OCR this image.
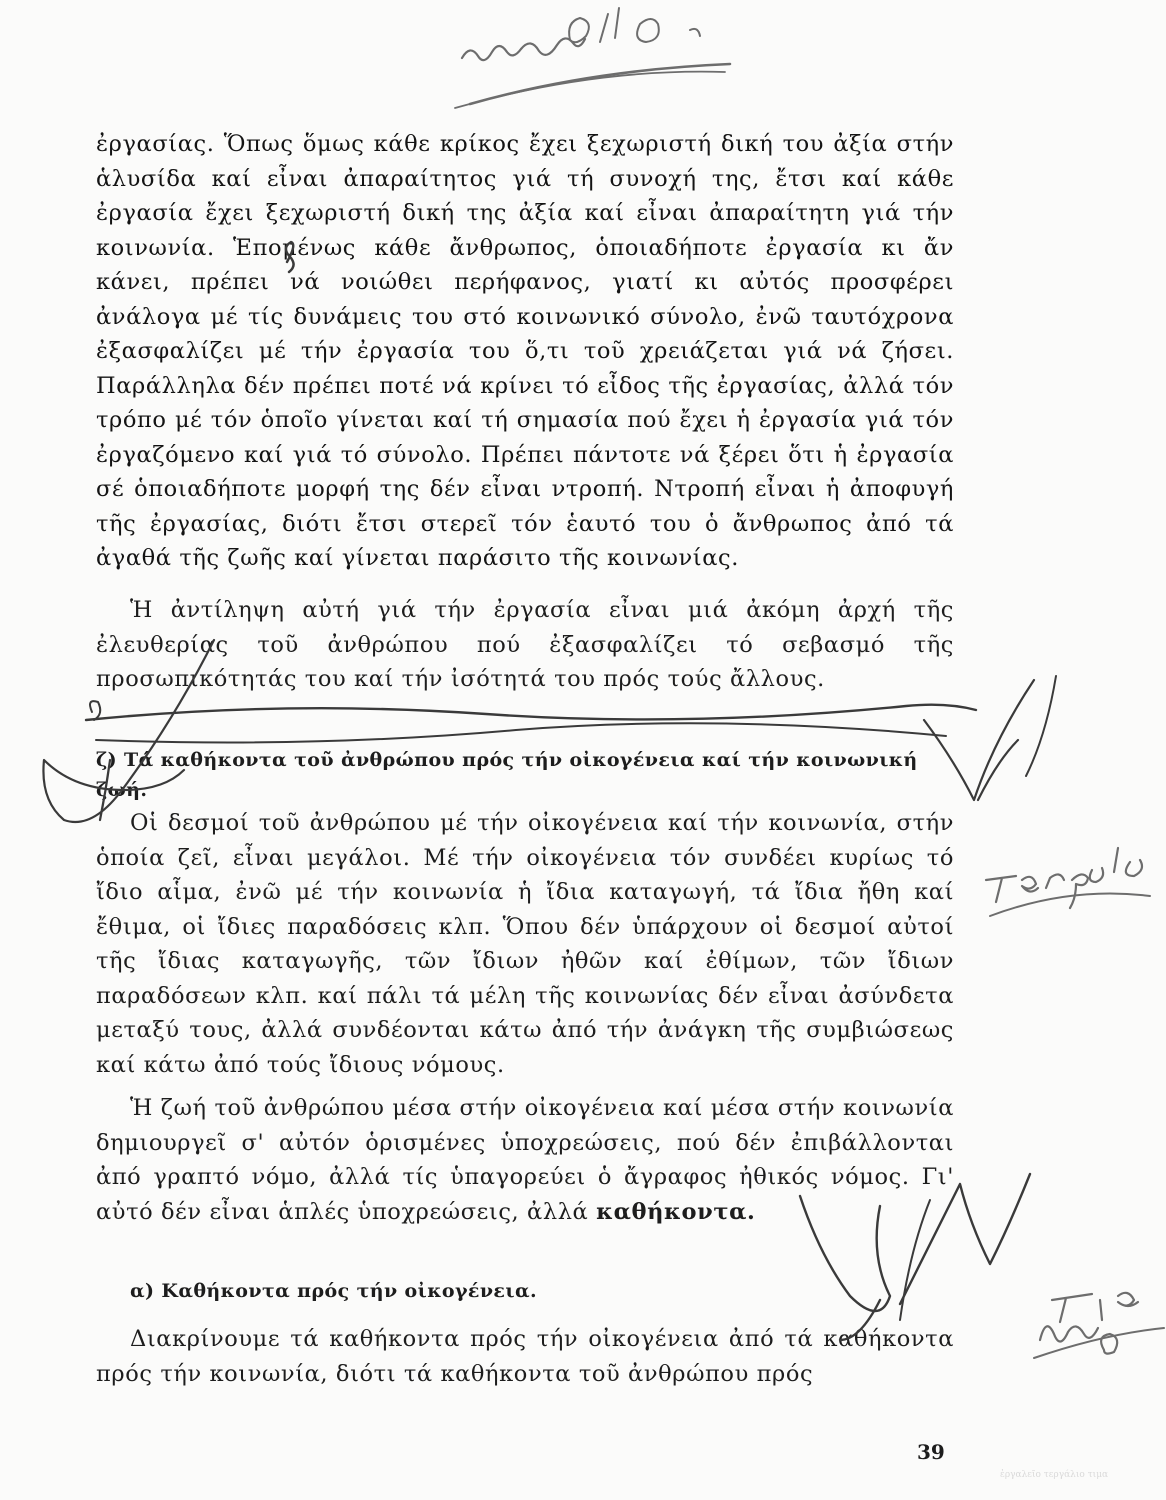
ἐργασίας. Ὅπως ὅμως κάθε κρίκος ἔχει ξεχωριστή δική του ἀξία στήν ἁλυσίδα καί εἶναι ἀπαραίτητος γιά τή συνοχή της, ἔτσι καί κάθε ἐργασία ἔχει ξεχωριστή δική της ἀξία καί εἶναι ἀπαραίτητη γιά τήν κοινωνία. Ἑπομένως κάθε ἄνθρωπος, ὁποιαδήποτε ἐργασία κι ἄν κάνει, πρέπει νά νοιώθει περήφανος, γιατί κι αὐτός προσφέρει ἀνάλογα μέ τίς δυνάμεις του στό κοινωνικό σύνολο, ἐνῶ ταυτόχρονα ἐξασφαλίζει μέ τήν ἐργασία του ὅ,τι τοῦ χρειάζεται γιά νά ζήσει. Παράλληλα δέν πρέπει ποτέ νά κρίνει τό εἶδος τῆς ἐργασίας, ἀλλά τόν τρόπο μέ τόν ὁποῖο γίνεται καί τή σημασία πού ἔχει ἡ ἐργασία γιά τόν ἐργαζόμενο καί γιά τό σύνολο. Πρέπει πάντοτε νά ξέρει ὅτι ἡ ἐργασία σέ ὁποιαδήποτε μορφή της δέν εἶναι ντροπή. Ντροπή εἶναι ἡ ἀποφυγή τῆς ἐργασίας, διότι ἔτσι στερεῖ τόν ἑαυτό του ὁ ἄνθρωπος ἀπό τά ἀγαθά τῆς ζωῆς καί γίνεται παράσιτο τῆς κοινωνίας.

Ἡ ἀντίληψη αὐτή γιά τήν ἐργασία εἶναι μιά ἀκόμη ἀρχή τῆς ἐλευθερίας τοῦ ἀνθρώπου πού ἐξασφαλίζει τό σεβασμό τῆς προσωπικότητάς του καί τήν ἰσότητά του πρός τούς ἄλλους.

ζ) Τά καθήκοντα τοῦ ἀνθρώπου πρός τήν οἰκογένεια καί τήν κοινωνική ζωή.

Οἱ δεσμοί τοῦ ἀνθρώπου μέ τήν οἰκογένεια καί τήν κοινωνία, στήν ὁποία ζεῖ, εἶναι μεγάλοι. Μέ τήν οἰκογένεια τόν συνδέει κυρίως τό ἴδιο αἷμα, ἐνῶ μέ τήν κοινωνία ἡ ἴδια καταγωγή, τά ἴδια ἤθη καί ἔθιμα, οἱ ἴδιες παραδόσεις κλπ. Ὅπου δέν ὑπάρχουν οἱ δεσμοί αὐτοί τῆς ἴδιας καταγωγῆς, τῶν ἴδιων ἠθῶν καί ἐθίμων, τῶν ἴδιων παραδόσεων κλπ. καί πάλι τά μέλη τῆς κοινωνίας δέν εἶναι ἀσύνδετα μεταξύ τους, ἀλλά συνδέονται κάτω ἀπό τήν ἀνάγκη τῆς συμβιώσεως καί κάτω ἀπό τούς ἴδιους νόμους.

Ἡ ζωή τοῦ ἀνθρώπου μέσα στήν οἰκογένεια καί μέσα στήν κοινωνία δημιουργεῖ σ' αὐτόν ὁρισμένες ὑποχρεώσεις, πού δέν ἐπιβάλλονται ἀπό γραπτό νόμο, ἀλλά τίς ὑπαγορεύει ὁ ἄγραφος ἠθικός νόμος. Γι' αὐτό δέν εἶναι ἁπλές ὑποχρεώσεις, ἀλλά καθήκοντα.

α) Καθήκοντα πρός τήν οἰκογένεια.

Διακρίνουμε τά καθήκοντα πρός τήν οἰκογένεια ἀπό τά καθήκοντα πρός τήν κοινωνία, διότι τά καθήκοντα τοῦ ἀνθρώπου πρός

39
ἐργαλεῖο τεργάλιο τιμα
